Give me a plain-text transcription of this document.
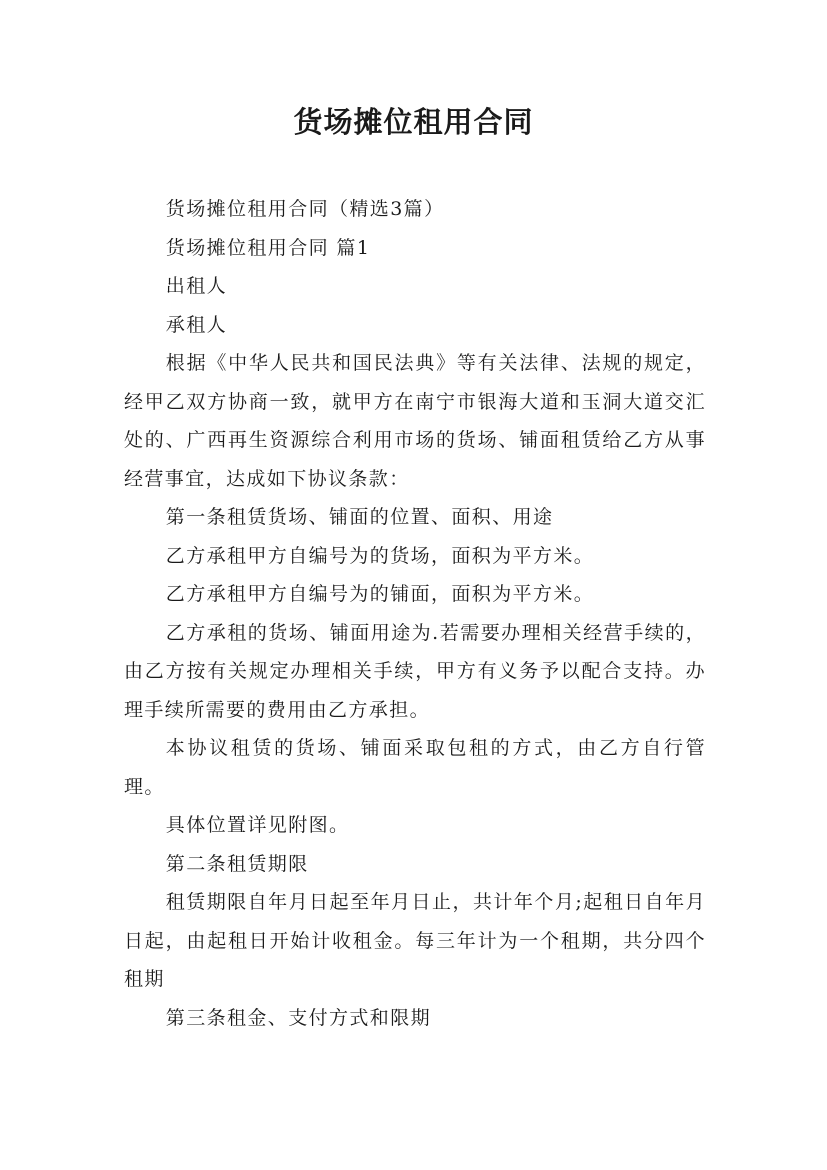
货场摊位租用合同

货场摊位租用合同（精选3篇）

货场摊位租用合同 篇1

出租人

承租人

根据《中华人民共和国民法典》等有关法律、法规的规定，经甲乙双方协商一致，就甲方在南宁市银海大道和玉洞大道交汇处的、广西再生资源综合利用市场的货场、铺面租赁给乙方从事经营事宜，达成如下协议条款：

第一条租赁货场、铺面的位置、面积、用途

乙方承租甲方自编号为的货场，面积为平方米。

乙方承租甲方自编号为的铺面，面积为平方米。

乙方承租的货场、铺面用途为.若需要办理相关经营手续的，由乙方按有关规定办理相关手续，甲方有义务予以配合支持。办理手续所需要的费用由乙方承担。

本协议租赁的货场、铺面采取包租的方式，由乙方自行管理。

具体位置详见附图。

第二条租赁期限

租赁期限自年月日起至年月日止，共计年个月;起租日自年月日起，由起租日开始计收租金。每三年计为一个租期，共分四个租期

第三条租金、支付方式和限期
